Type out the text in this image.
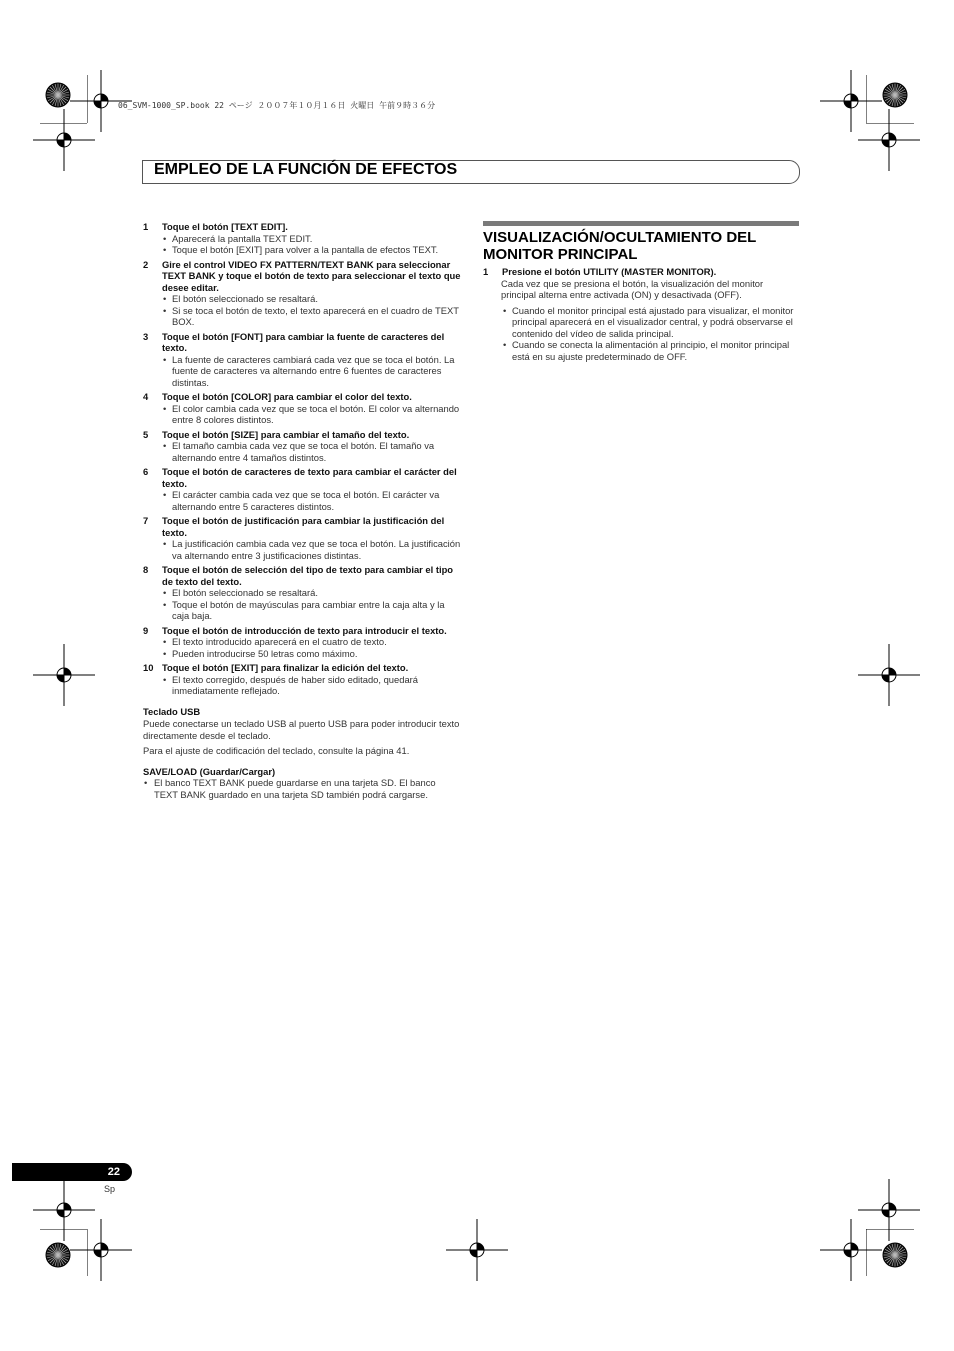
06_SVM-1000_SP.book 22 ページ ２００７年１０月１６日 火曜日 午前９時３６分
EMPLEO DE LA FUNCIÓN DE EFECTOS
1	Toque el botón [TEXT EDIT].
• Aparecerá la pantalla TEXT EDIT.
• Toque el botón [EXIT] para volver a la pantalla de efectos TEXT.
2	Gire el control VIDEO FX PATTERN/TEXT BANK para seleccionar TEXT BANK y toque el botón de texto para seleccionar el texto que desee editar.
• El botón seleccionado se resaltará.
• Si se toca el botón de texto, el texto aparecerá en el cuadro de TEXT BOX.
3	Toque el botón [FONT] para cambiar la fuente de caracteres del texto.
• La fuente de caracteres cambiará cada vez que se toca el botón. La fuente de caracteres va alternando entre 6 fuentes de caracteres distintas.
4	Toque el botón [COLOR] para cambiar el color del texto.
• El color cambia cada vez que se toca el botón. El color va alternando entre 8 colores distintos.
5	Toque el botón [SIZE] para cambiar el tamaño del texto.
• El tamaño cambia cada vez que se toca el botón. El tamaño va alternando entre 4 tamaños distintos.
6	Toque el botón de caracteres de texto para cambiar el carácter del texto.
• El carácter cambia cada vez que se toca el botón. El carácter va alternando entre 5 caracteres distintos.
7	Toque el botón de justificación para cambiar la justificación del texto.
• La justificación cambia cada vez que se toca el botón. La justificación va alternando entre 3 justificaciones distintas.
8	Toque el botón de selección del tipo de texto para cambiar el tipo de texto del texto.
• El botón seleccionado se resaltará.
• Toque el botón de mayúsculas para cambiar entre la caja alta y la caja baja.
9	Toque el botón de introducción de texto para introducir el texto.
• El texto introducido aparecerá en el cuatro de texto.
• Pueden introducirse 50 letras como máximo.
10 Toque el botón [EXIT] para finalizar la edición del texto.
• El texto corregido, después de haber sido editado, quedará inmediatamente reflejado.
Teclado USB
Puede conectarse un teclado USB al puerto USB para poder introducir texto directamente desde el teclado.
Para el ajuste de codificación del teclado, consulte la página 41.
SAVE/LOAD (Guardar/Cargar)
• El banco TEXT BANK puede guardarse en una tarjeta SD. El banco TEXT BANK guardado en una tarjeta SD también podrá cargarse.
VISUALIZACIÓN/OCULTAMIENTO DEL MONITOR PRINCIPAL
1	Presione el botón UTILITY (MASTER MONITOR).
Cada vez que se presiona el botón, la visualización del monitor principal alterna entre activada (ON) y desactivada (OFF).
• Cuando el monitor principal está ajustado para visualizar, el monitor principal aparecerá en el visualizador central, y podrá observarse el contenido del vídeo de salida principal.
• Cuando se conecta la alimentación al principio, el monitor principal está en su ajuste predeterminado de OFF.
22
Sp
